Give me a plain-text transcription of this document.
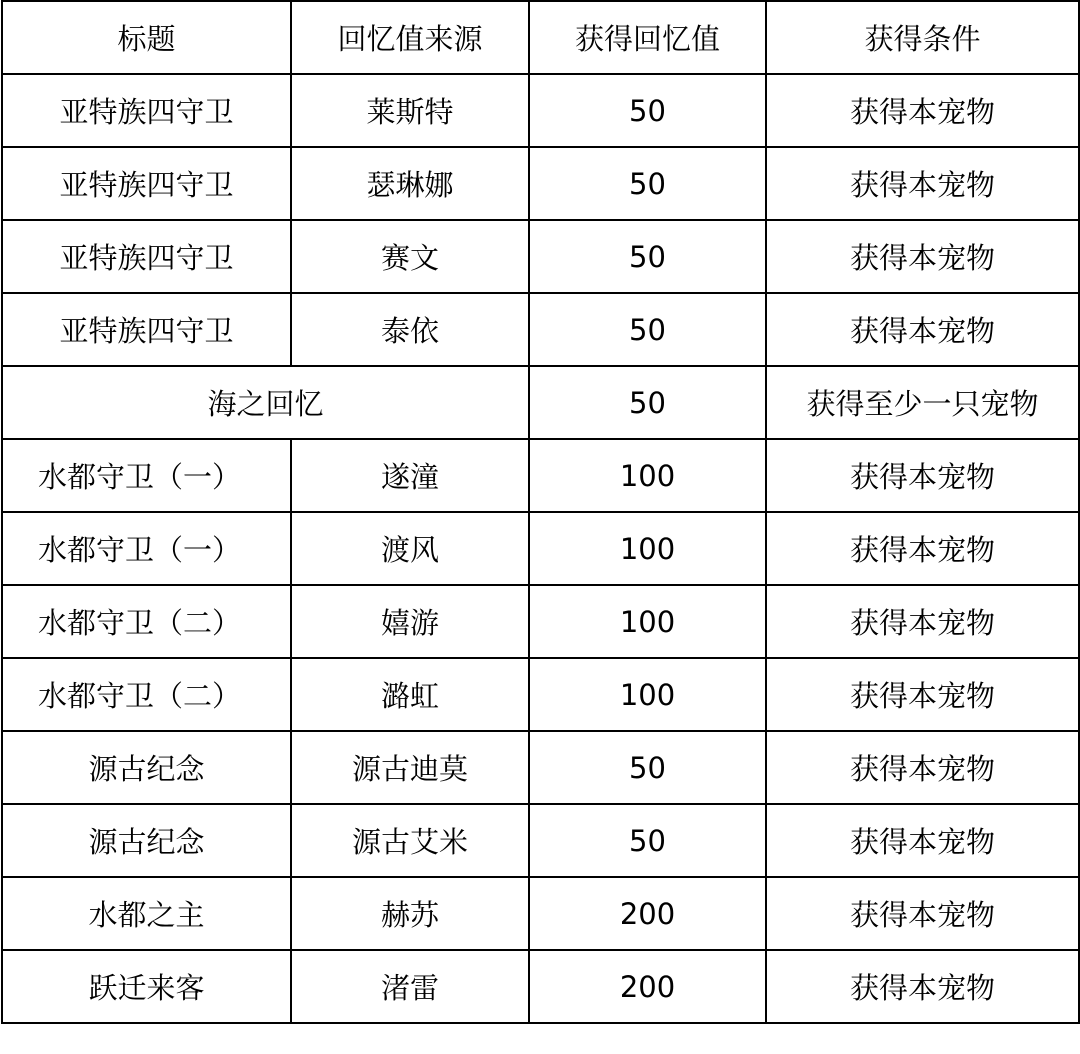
标题	回忆值来源	获得回忆值	获得条件
亚特族四守卫	莱斯特	50	获得本宠物
亚特族四守卫	瑟琳娜	50	获得本宠物
亚特族四守卫	赛文	50	获得本宠物
亚特族四守卫	泰依	50	获得本宠物
海之回忆		50	获得至少一只宠物
水都守卫（一）	遂潼	100	获得本宠物
水都守卫（一）	渡风	100	获得本宠物
水都守卫（二）	嬉游	100	获得本宠物
水都守卫（二）	潞虹	100	获得本宠物
源古纪念	源古迪莫	50	获得本宠物
源古纪念	源古艾米	50	获得本宠物
水都之主	赫苏	200	获得本宠物
跃迁来客	渚雷	200	获得本宠物
